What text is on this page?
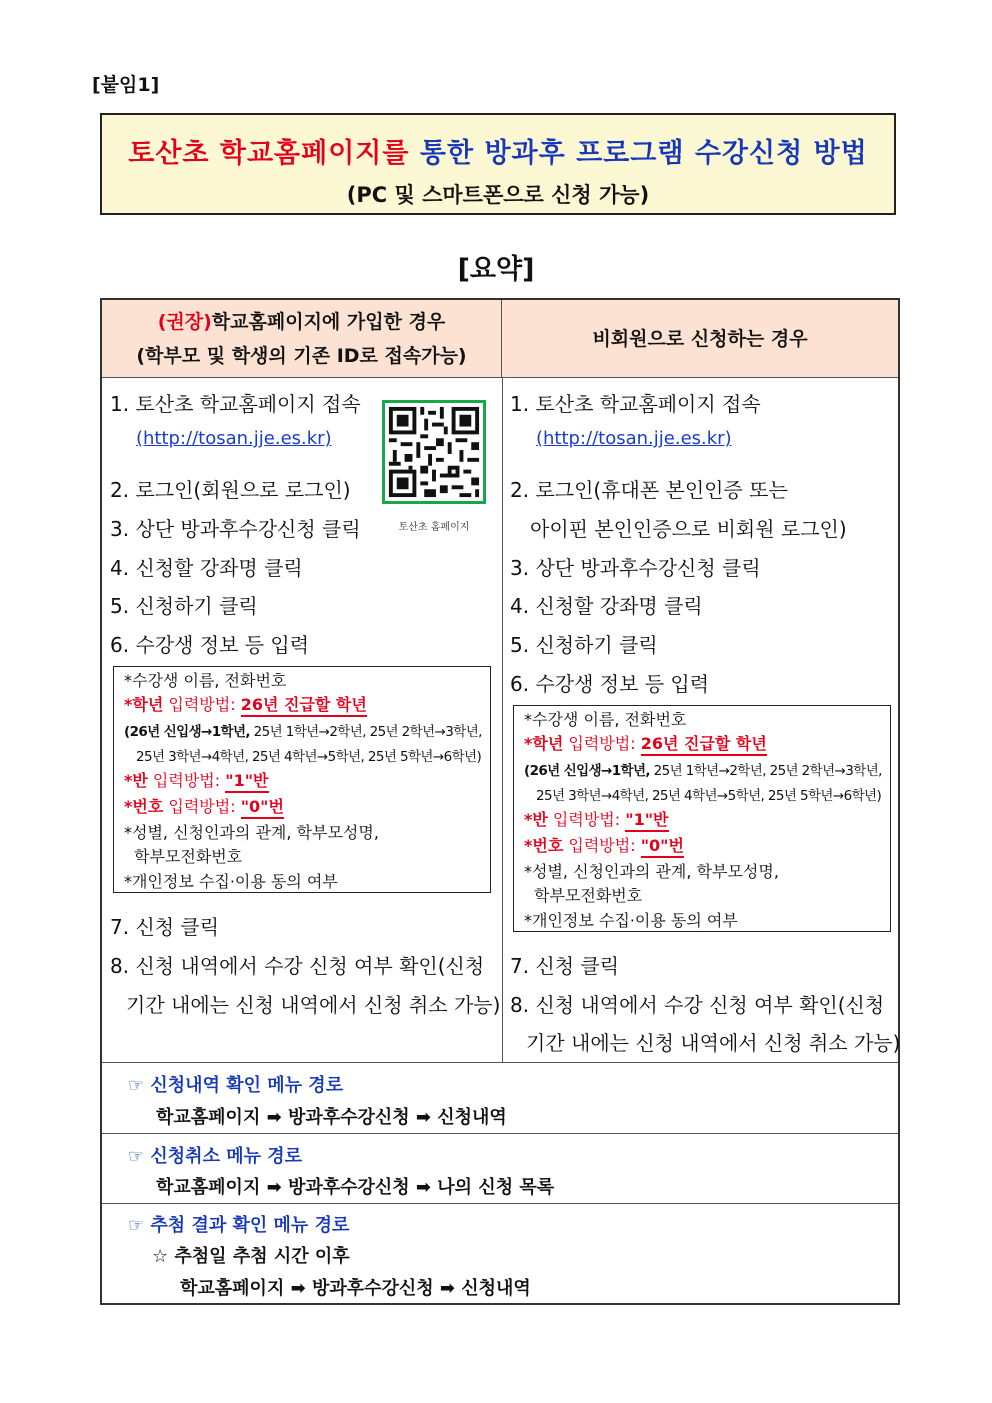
[붙임1]
토산초 학교홈페이지를 통한 방과후 프로그램 수강신청 방법
(PC 및 스마트폰으로 신청 가능)
[요약]
(권장)학교홈페이지에 가입한 경우
(학부모 및 학생의 기존 ID로 접속가능)
비회원으로 신청하는 경우
1. 토산초 학교홈페이지 접속
(http://tosan.jje.es.kr)
토산초 홈페이지
2. 로그인(회원으로 로그인)
3. 상단 방과후수강신청 클릭
4. 신청할 강좌명 클릭
5. 신청하기 클릭
6. 수강생 정보 등 입력
*수강생 이름, 전화번호
*학년 입력방법: 26년 진급할 학년
(26년 신입생→1학년, 25년 1학년→2학년, 25년 2학년→3학년,
25년 3학년→4학년, 25년 4학년→5학년, 25년 5학년→6학년)
*반 입력방법: "1"반
*번호 입력방법: "0"번
*성별, 신청인과의 관계, 학부모성명,
학부모전화번호
*개인정보 수집·이용 동의 여부
7. 신청 클릭
8. 신청 내역에서 수강 신청 여부 확인(신청
기간 내에는 신청 내역에서 신청 취소 가능)
1. 토산초 학교홈페이지 접속
(http://tosan.jje.es.kr)
2. 로그인(휴대폰 본인인증 또는
아이핀 본인인증으로 비회원 로그인)
3. 상단 방과후수강신청 클릭
4. 신청할 강좌명 클릭
5. 신청하기 클릭
6. 수강생 정보 등 입력
*수강생 이름, 전화번호
*학년 입력방법: 26년 진급할 학년
(26년 신입생→1학년, 25년 1학년→2학년, 25년 2학년→3학년,
25년 3학년→4학년, 25년 4학년→5학년, 25년 5학년→6학년)
*반 입력방법: "1"반
*번호 입력방법: "0"번
*성별, 신청인과의 관계, 학부모성명,
학부모전화번호
*개인정보 수집·이용 동의 여부
7. 신청 클릭
8. 신청 내역에서 수강 신청 여부 확인(신청
기간 내에는 신청 내역에서 신청 취소 가능)
☞ 신청내역 확인 메뉴 경로
학교홈페이지 ➡ 방과후수강신청 ➡ 신청내역
☞ 신청취소 메뉴 경로
학교홈페이지 ➡ 방과후수강신청 ➡ 나의 신청 목록
☞ 추첨 결과 확인 메뉴 경로
☆ 추첨일 추첨 시간 이후
학교홈페이지 ➡ 방과후수강신청 ➡ 신청내역
